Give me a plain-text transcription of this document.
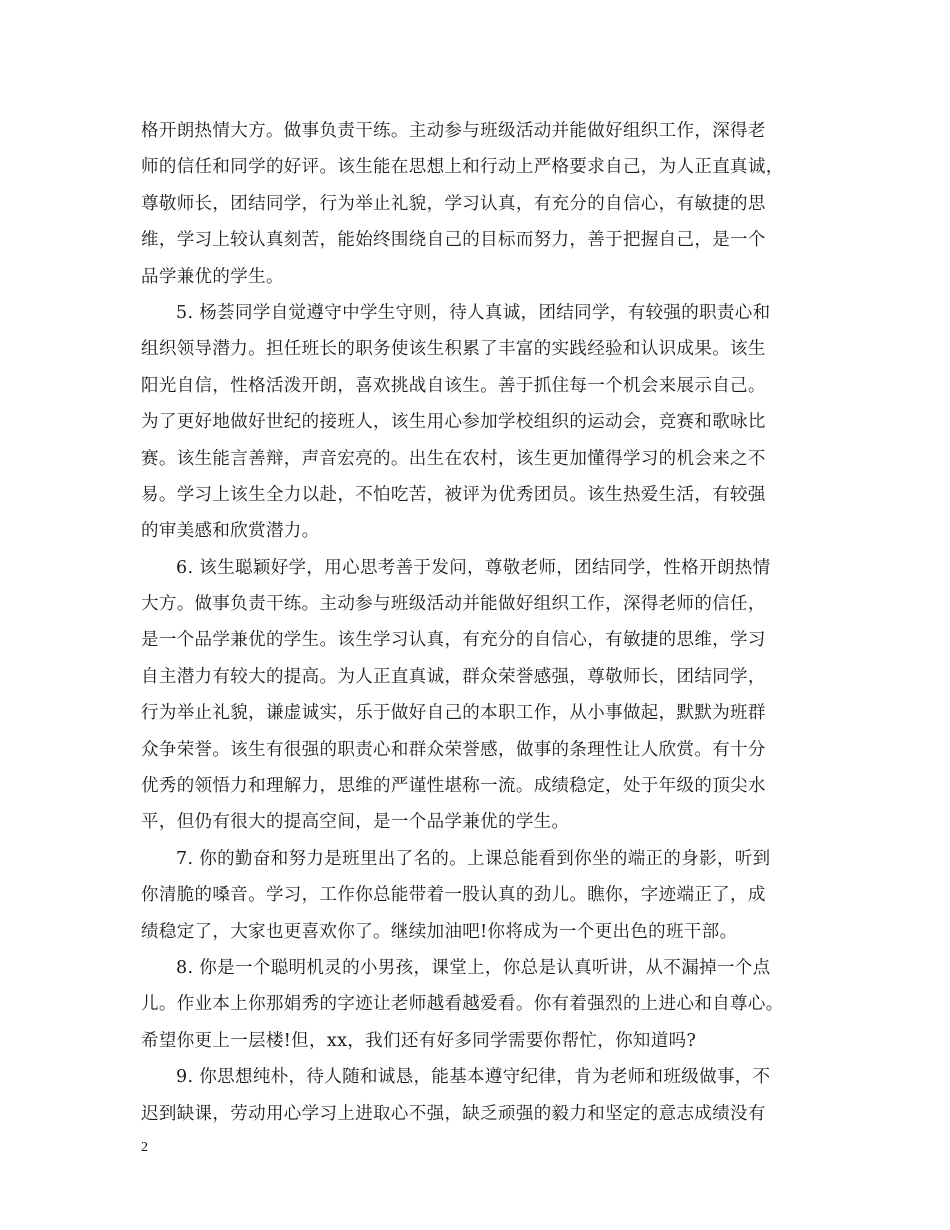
格开朗热情大方。做事负责干练。主动参与班级活动并能做好组织工作，深得老
师的信任和同学的好评。该生能在思想上和行动上严格要求自己，为人正直真诚，
尊敬师长，团结同学，行为举止礼貌，学习认真，有充分的自信心，有敏捷的思
维，学习上较认真刻苦，能始终围绕自己的目标而努力，善于把握自己，是一个
品学兼优的学生。
5. 杨荟同学自觉遵守中学生守则，待人真诚，团结同学，有较强的职责心和
组织领导潜力。担任班长的职务使该生积累了丰富的实践经验和认识成果。该生
阳光自信，性格活泼开朗，喜欢挑战自该生。善于抓住每一个机会来展示自己。
为了更好地做好世纪的接班人，该生用心参加学校组织的运动会，竞赛和歌咏比
赛。该生能言善辩，声音宏亮的。出生在农村，该生更加懂得学习的机会来之不
易。学习上该生全力以赴，不怕吃苦，被评为优秀团员。该生热爱生活，有较强
的审美感和欣赏潜力。
6. 该生聪颖好学，用心思考善于发问，尊敬老师，团结同学，性格开朗热情
大方。做事负责干练。主动参与班级活动并能做好组织工作，深得老师的信任，
是一个品学兼优的学生。该生学习认真，有充分的自信心，有敏捷的思维，学习
自主潜力有较大的提高。为人正直真诚，群众荣誉感强，尊敬师长，团结同学，
行为举止礼貌，谦虚诚实，乐于做好自己的本职工作，从小事做起，默默为班群
众争荣誉。该生有很强的职责心和群众荣誉感，做事的条理性让人欣赏。有十分
优秀的领悟力和理解力，思维的严谨性堪称一流。成绩稳定，处于年级的顶尖水
平，但仍有很大的提高空间，是一个品学兼优的学生。
7. 你的勤奋和努力是班里出了名的。上课总能看到你坐的端正的身影，听到
你清脆的嗓音。学习，工作你总能带着一股认真的劲儿。瞧你，字迹端正了，成
绩稳定了，大家也更喜欢你了。继续加油吧!你将成为一个更出色的班干部。
8. 你是一个聪明机灵的小男孩，课堂上，你总是认真听讲，从不漏掉一个点
儿。作业本上你那娟秀的字迹让老师越看越爱看。你有着强烈的上进心和自尊心。
希望你更上一层楼!但，xx，我们还有好多同学需要你帮忙，你知道吗?
9. 你思想纯朴，待人随和诚恳，能基本遵守纪律，肯为老师和班级做事，不
迟到缺课，劳动用心学习上进取心不强，缺乏顽强的毅力和坚定的意志成绩没有
2
